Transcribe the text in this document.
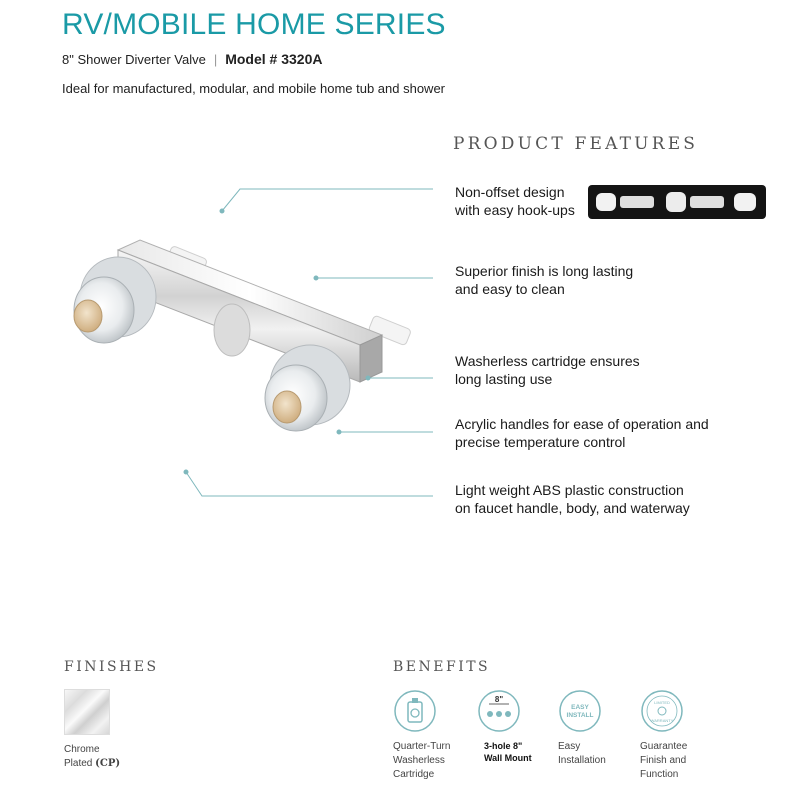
RV/MOBILE HOME SERIES
8" Shower Diverter Valve | Model # 3320A
Ideal for manufactured, modular, and mobile home tub and shower
PRODUCT FEATURES
Non-offset design
with easy hook-ups
Superior finish is long lasting
and easy to clean
Washerless cartridge ensures
long lasting use
Acrylic handles for ease of operation and
precise temperature control
Light weight ABS plastic construction
on faucet handle, body, and waterway
FINISHES
Chrome
Plated (CP)
BENEFITS
Quarter-Turn
Washerless
Cartridge
8"
3-hole 8"
Wall Mount
EASY
INSTALL
Easy
Installation
LIMITED
WARRANTY
Guarantee
Finish and
Function
